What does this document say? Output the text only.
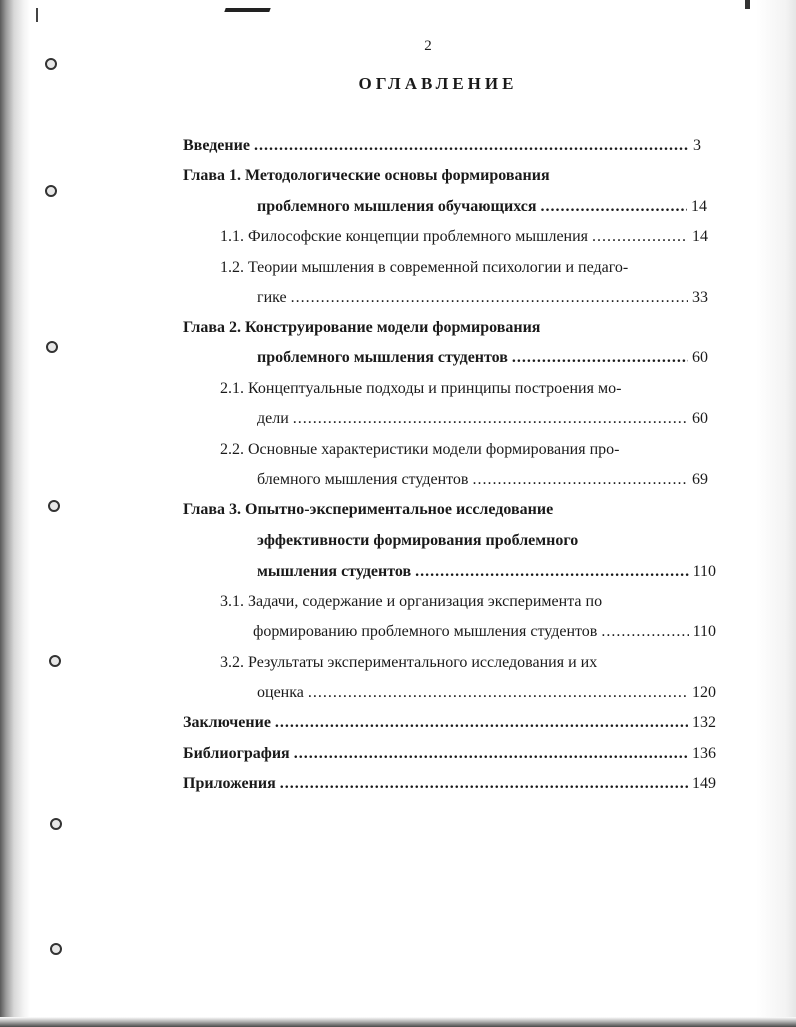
2
ОГЛАВЛЕНИЕ
Введение .....	3
Глава 1. Методологические основы формирования
проблемного мышления обучающихся .....	14
1.1. Философские концепции проблемного мышления .....	14
1.2. Теории мышления в современной психологии и педаго-
гике .....	33
Глава 2. Конструирование модели формирования
проблемного мышления студентов .....	60
2.1. Концептуальные подходы и принципы построения мо-
дели .....	60
2.2. Основные характеристики модели формирования про-
блемного мышления студентов .....	69
Глава 3. Опытно-экспериментальное исследование
эффективности формирования проблемного
мышления студентов .....	110
3.1. Задачи, содержание и организация эксперимента по
формированию проблемного мышления студентов .....	110
3.2. Результаты экспериментального исследования и их
оценка .....	120
Заключение .....	132
Библиография .....	136
Приложения .....	149
